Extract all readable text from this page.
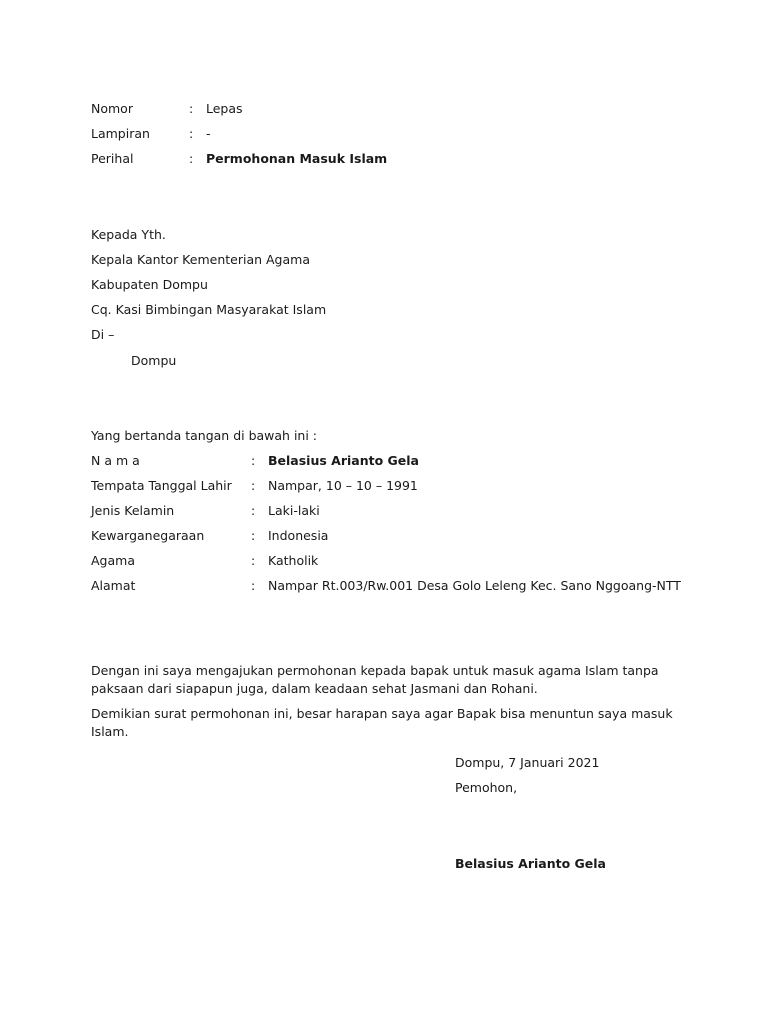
Nomor	: Lepas
Lampiran	: -
Perihal	: Permohonan Masuk Islam
Kepada Yth.
Kepala Kantor Kementerian Agama
Kabupaten Dompu
Cq. Kasi Bimbingan Masyarakat Islam
Di –
Dompu
Yang bertanda tangan di bawah ini :
N a m a	: Belasius Arianto Gela
Tempata Tanggal Lahir : Nampar, 10 – 10 – 1991
Jenis Kelamin	: Laki-laki
Kewarganegaraan	: Indonesia
Agama	: Katholik
Alamat	: Nampar Rt.003/Rw.001 Desa Golo Leleng Kec. Sano Nggoang-NTT
Dengan ini saya mengajukan permohonan kepada bapak untuk masuk agama Islam tanpa paksaan dari siapapun juga, dalam keadaan sehat Jasmani dan Rohani.
Demikian surat permohonan ini, besar harapan saya agar Bapak bisa menuntun saya masuk Islam.
Dompu, 7 Januari 2021
Pemohon,
Belasius Arianto Gela
